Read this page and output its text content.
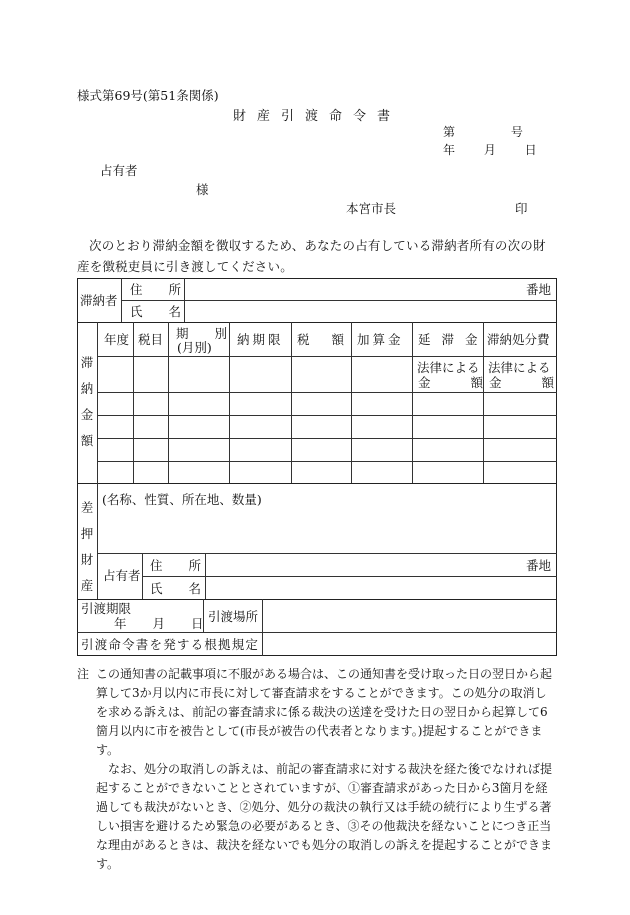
様式第69号(第51条関係)
財産引渡命令書
第 号
年 月 日
占有者
様
本宮市長	印
次のとおり滞納金額を徴収するため、あなたの占有している滞納者所有の次の財産を徴税吏員に引き渡してください。
滞納者
住 所
氏 名
番地
滞納金額
年度 税目 期 別
(月別)
納期限 税 額 加算金 延滞金
滞納処分費
法律による
金 額
法律による
金 額
差押財産
(名称、性質、所在地、数量)
占有者
住 所
氏 名
番地
引渡期限
年 月 日 引渡場所
引渡命令書を発する根拠規定

注 この通知書の記載事項に不服がある場合は、この通知書を受け取った日の翌日から起算して3か月以内に市長に対して審査請求をすることができます。この処分の取消しを求める訴えは、前記の審査請求に係る裁決の送達を受けた日の翌日から起算して6箇月以内に市を被告として(市長が被告の代表者となります。)提起することができます。

なお、処分の取消しの訴えは、前記の審査請求に対する裁決を経た後でなければ提起することができないこととされていますが、①審査請求があった日から3箇月を経過しても裁決がないとき、②処分、処分の裁決の執行又は手続の続行により生ずる著しい損害を避けるため緊急の必要があるとき、③その他裁決を経ないことにつき正当な理由があるときは、裁決を経ないでも処分の取消しの訴えを提起することができます。
